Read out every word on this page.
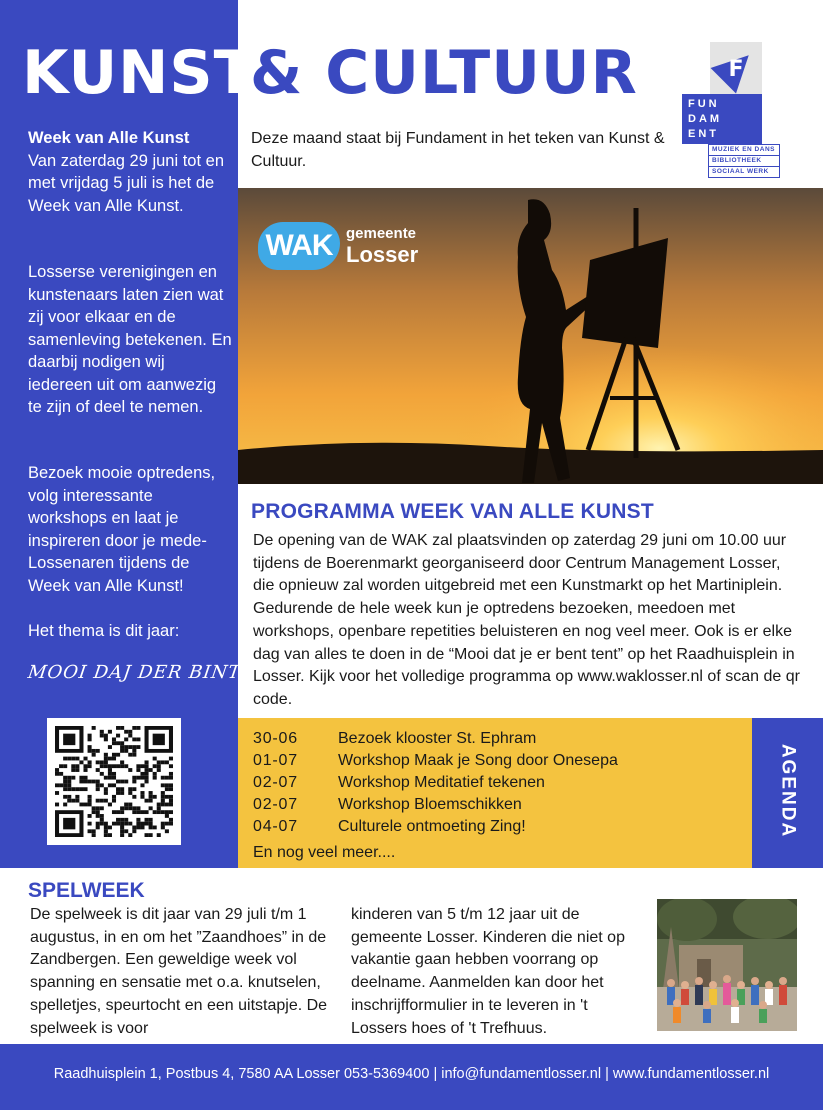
KUNST
& CULTUUR	F
FUN
DAM
ENT
MUZIEK EN DANS
BIBLIOTHEEK
SOCIAAL WERK
Deze maand staat bij Fundament in het teken van Kunst & Cultuur.
Week van Alle Kunst
Van zaterdag 29 juni tot en met vrijdag 5 juli is het de Week van Alle Kunst.
Losserse verenigingen en kunstenaars laten zien wat zij voor elkaar en de samenleving betekenen. En daarbij nodigen wij iedereen uit om aanwezig te zijn of deel te nemen.
Bezoek mooie optredens, volg interessante workshops en laat je inspireren door je mede-Lossenaren tijdens de Week van Alle Kunst!
Het thema is dit jaar:
MOOI DAJ DER BINT!
WAK gemeente
Losser
PROGRAMMA WEEK VAN ALLE KUNST
De opening van de WAK zal plaatsvinden op zaterdag 29 juni om 10.00 uur tijdens de Boerenmarkt georganiseerd door Centrum Management Losser, die opnieuw zal worden uitgebreid met een Kunstmarkt op het Martiniplein. Gedurende de hele week kun je optredens bezoeken, meedoen met workshops, openbare repetities beluisteren en nog veel meer. Ook is er elke dag van alles te doen in de “Mooi dat je er bent tent” op het Raadhuisplein in Losser. Kijk voor het volledige programma op www.waklosser.nl of scan de qr code.
AGENDA
30-06	Bezoek klooster St. Ephram
01-07	Workshop Maak je Song door Onesepa
02-07	Workshop Meditatief tekenen
02-07	Workshop Bloemschikken
04-07	Culturele ontmoeting Zing!
En nog veel meer....
SPELWEEK
De spelweek is dit jaar van 29 juli t/m 1 augustus, in en om het ”Zaandhoes” in de Zandbergen. Een geweldige week vol spanning en sensatie met o.a. knutselen, spelletjes, speurtocht en een uitstapje. De spelweek is voor
kinderen van 5 t/m 12 jaar uit de gemeente Losser. Kinderen die niet op vakantie gaan hebben voorrang op deelname. Aanmelden kan door het inschrijfformulier in te leveren in 't Lossers hoes of 't Trefhuus.
Raadhuisplein 1, Postbus 4, 7580 AA Losser 053-5369400 | info@fundamentlosser.nl | www.fundamentlosser.nl
